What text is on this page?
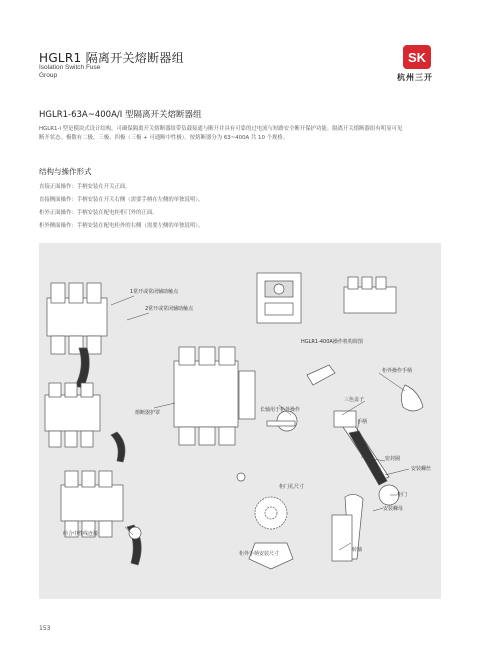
HGLR1 隔离开关熔断器组
Isolation Switch Fuse
Group
SK
杭州三开
HGLR1-63A~400A/I 型隔离开关熔断器组
HGLR1-I 型是模块式设计结构，可确保隔离开关熔断器组带负载接通与断开并具有可靠的过电流与短路安全断开保护功能。隔离开关熔断器组有明显可见
断开状态。极数有二极、三极、四极（三极 + 可通断中性极）。按熔断器分为 63~400A 共 10 个规格。
结构与操作形式
直接正面操作：手柄安装在开关正面。
直接侧面操作：手柄安装在开关右侧（需要手柄在左侧的单独说明）。
柜外正面操作：手柄安装在配电柜柜门外的正面。
柜外侧面操作：手柄安装在配电柜外的右侧（需要左侧的单独说明）。
1常开或常闭辅助触点
2常开或常闭辅助触点
HGLR1-400A操作机构简图
柜外操作手柄
三色盖子
手柄
熔断器护罩	长轴用于柜外操作
密封圈
安装螺丝
柜门孔尺寸
柜门
安装螺母
组合中性线连接
柜外手柄安装尺寸
转轴
153
